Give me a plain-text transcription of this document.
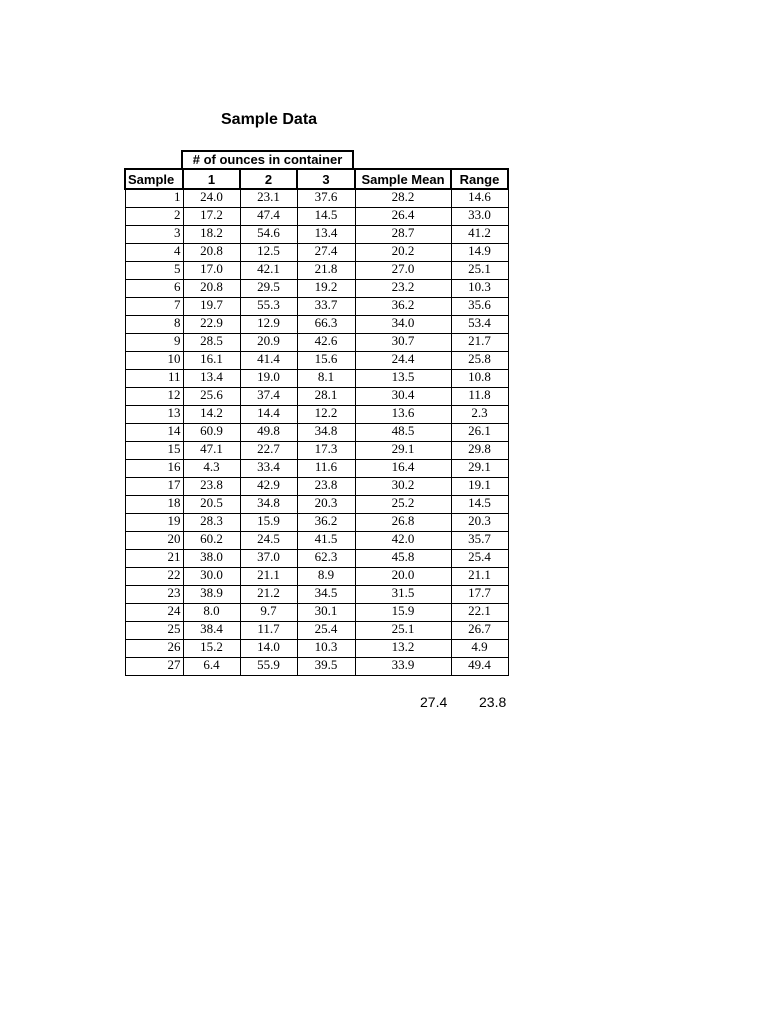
Sample Data
# of ounces in container
Sample	1	2	3	Sample Mean	Range
1	24.0	23.1	37.6	28.2	14.6
2	17.2	47.4	14.5	26.4	33.0
3	18.2	54.6	13.4	28.7	41.2
4	20.8	12.5	27.4	20.2	14.9
5	17.0	42.1	21.8	27.0	25.1
6	20.8	29.5	19.2	23.2	10.3
7	19.7	55.3	33.7	36.2	35.6
8	22.9	12.9	66.3	34.0	53.4
9	28.5	20.9	42.6	30.7	21.7
10	16.1	41.4	15.6	24.4	25.8
11	13.4	19.0	8.1	13.5	10.8
12	25.6	37.4	28.1	30.4	11.8
13	14.2	14.4	12.2	13.6	2.3
14	60.9	49.8	34.8	48.5	26.1
15	47.1	22.7	17.3	29.1	29.8
16	4.3	33.4	11.6	16.4	29.1
17	23.8	42.9	23.8	30.2	19.1
18	20.5	34.8	20.3	25.2	14.5
19	28.3	15.9	36.2	26.8	20.3
20	60.2	24.5	41.5	42.0	35.7
21	38.0	37.0	62.3	45.8	25.4
22	30.0	21.1	8.9	20.0	21.1
23	38.9	21.2	34.5	31.5	17.7
24	8.0	9.7	30.1	15.9	22.1
25	38.4	11.7	25.4	25.1	26.7
26	15.2	14.0	10.3	13.2	4.9
27	6.4	55.9	39.5	33.9	49.4
27.4 23.8
